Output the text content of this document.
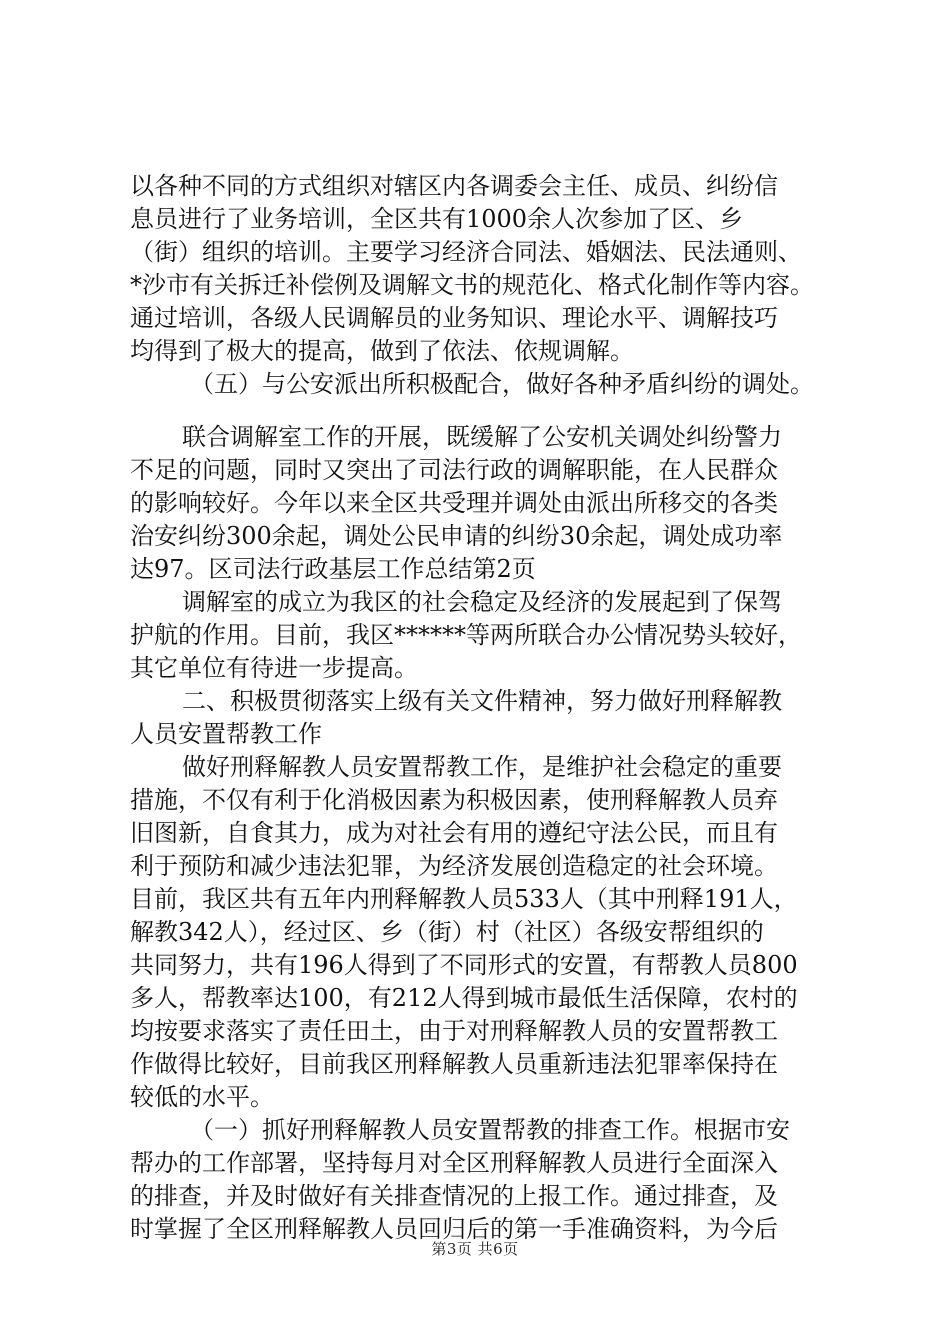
以各种不同的方式组织对辖区内各调委会主任、成员、纠纷信
息员进行了业务培训，全区共有1000余人次参加了区、乡
（街）组织的培训。主要学习经济合同法、婚姻法、民法通则、
*沙市有关拆迁补偿例及调解文书的规范化、格式化制作等内容。
通过培训，各级人民调解员的业务知识、理论水平、调解技巧
均得到了极大的提高，做到了依法、依规调解。
（五）与公安派出所积极配合，做好各种矛盾纠纷的调处。
联合调解室工作的开展，既缓解了公安机关调处纠纷警力
不足的问题，同时又突出了司法行政的调解职能，在人民群众
的影响较好。今年以来全区共受理并调处由派出所移交的各类
治安纠纷300余起，调处公民申请的纠纷30余起，调处成功率
达97。区司法行政基层工作总结第2页
调解室的成立为我区的社会稳定及经济的发展起到了保驾
护航的作用。目前，我区******等两所联合办公情况势头较好，
其它单位有待进一步提高。
二、积极贯彻落实上级有关文件精神，努力做好刑释解教
人员安置帮教工作
做好刑释解教人员安置帮教工作，是维护社会稳定的重要
措施，不仅有利于化消极因素为积极因素，使刑释解教人员弃
旧图新，自食其力，成为对社会有用的遵纪守法公民，而且有
利于预防和减少违法犯罪，为经济发展创造稳定的社会环境。
目前，我区共有五年内刑释解教人员533人（其中刑释191人，
解教342人），经过区、乡（街）村（社区）各级安帮组织的
共同努力，共有196人得到了不同形式的安置，有帮教人员800
多人，帮教率达100，有212人得到城市最低生活保障，农村的
均按要求落实了责任田土，由于对刑释解教人员的安置帮教工
作做得比较好，目前我区刑释解教人员重新违法犯罪率保持在
较低的水平。
（一）抓好刑释解教人员安置帮教的排查工作。根据市安
帮办的工作部署，坚持每月对全区刑释解教人员进行全面深入
的排查，并及时做好有关排查情况的上报工作。通过排查，及
时掌握了全区刑释解教人员回归后的第一手准确资料，为今后
第3页 共6页
